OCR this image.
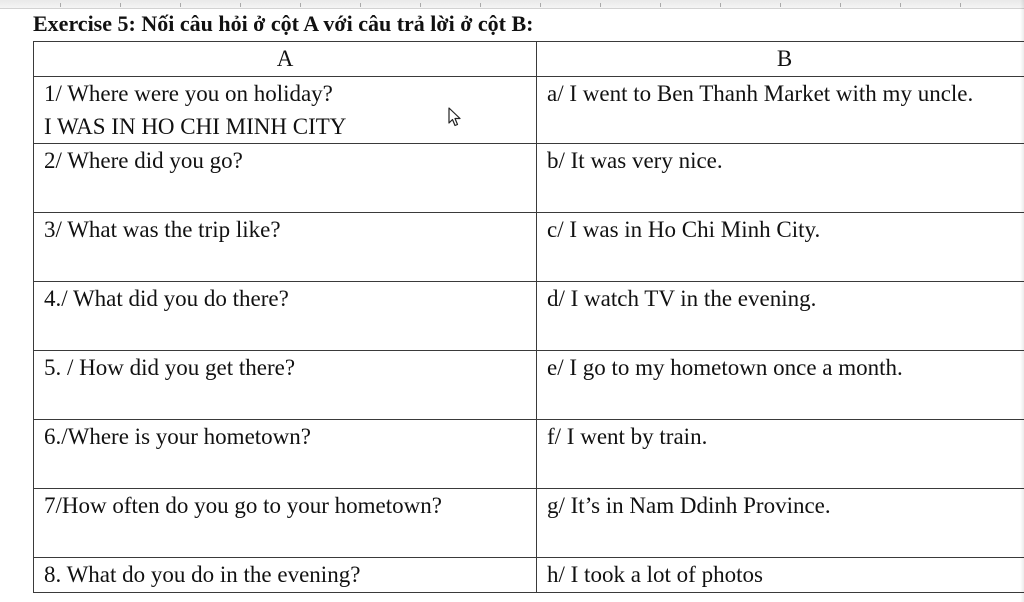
Exercise 5: Nối câu hỏi ở cột A với câu trả lời ở cột B:
A	B

1/ Where were you on holiday?
I WAS IN HO CHI MINH CITY	a/ I went to Ben Thanh Market with my uncle.

2/ Where did you go?	b/ It was very nice.

3/ What was the trip like?	c/ I was in Ho Chi Minh City.

4./ What did you do there?	d/ I watch TV in the evening.

5. / How did you get there?	e/ I go to my hometown once a month.

6./Where is your hometown?	f/ I went by train.

7/How often do you go to your hometown?	g/ It’s in Nam Ddinh Province.

8. What do you do in the evening?	h/ I took a lot of photos
